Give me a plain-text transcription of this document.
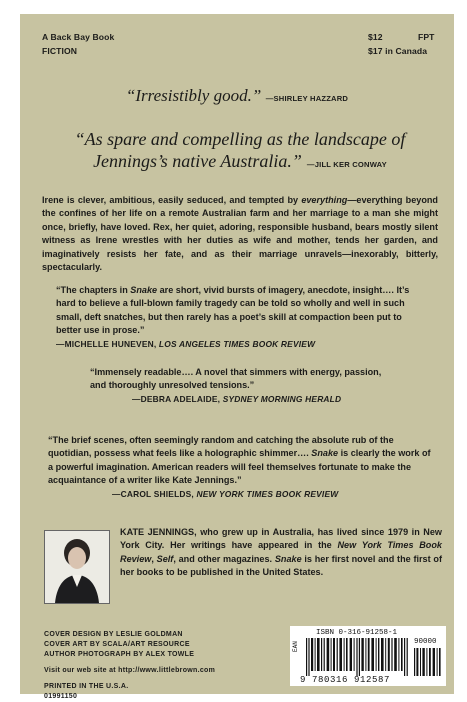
A Back Bay Book
FICTION
$12	FPT
$17 in Canada
“Irresistibly good.” —SHIRLEY HAZZARD
“As spare and compelling as the landscape of Jennings’s native Australia.” —JILL KER CONWAY
Irene is clever, ambitious, easily seduced, and tempted by everything—everything beyond the confines of her life on a remote Australian farm and her marriage to a man she might once, briefly, have loved. Rex, her quiet, adoring, responsible husband, bears mostly silent witness as Irene wrestles with her duties as wife and mother, tends her garden, and imaginatively resists her fate, and as their marriage unravels—inexorably, bitterly, spectacularly.
“The chapters in Snake are short, vivid bursts of imagery, anecdote, insight…. It’s hard to believe a full-blown family tragedy can be told so wholly and well in such small, deft snatches, but then rarely has a poet’s skill at compaction been put to better use in prose.”
—MICHELLE HUNEVEN, LOS ANGELES TIMES BOOK REVIEW
“Immensely readable…. A novel that simmers with energy, passion, and thoroughly unresolved tensions.”
—DEBRA ADELAIDE, SYDNEY MORNING HERALD
“The brief scenes, often seemingly random and catching the absolute rub of the quotidian, possess what feels like a holographic shimmer…. Snake is clearly the work of a powerful imagination. American readers will feel themselves fortunate to make the acquaintance of a writer like Kate Jennings.”
—CAROL SHIELDS, NEW YORK TIMES BOOK REVIEW
KATE JENNINGS, who grew up in Australia, has lived since 1979 in New York City. Her writings have appeared in the New York Times Book Review, Self, and other magazines. Snake is her first novel and the first of her books to be published in the United States.
COVER DESIGN BY LESLIE GOLDMAN
COVER ART BY SCALA/ART RESOURCE
AUTHOR PHOTOGRAPH BY ALEX TOWLE
Visit our web site at http://www.littlebrown.com
PRINTED IN THE U.S.A.
01991150
ISBN 0-316-91258-1
90000
EAN
9 780316 912587
